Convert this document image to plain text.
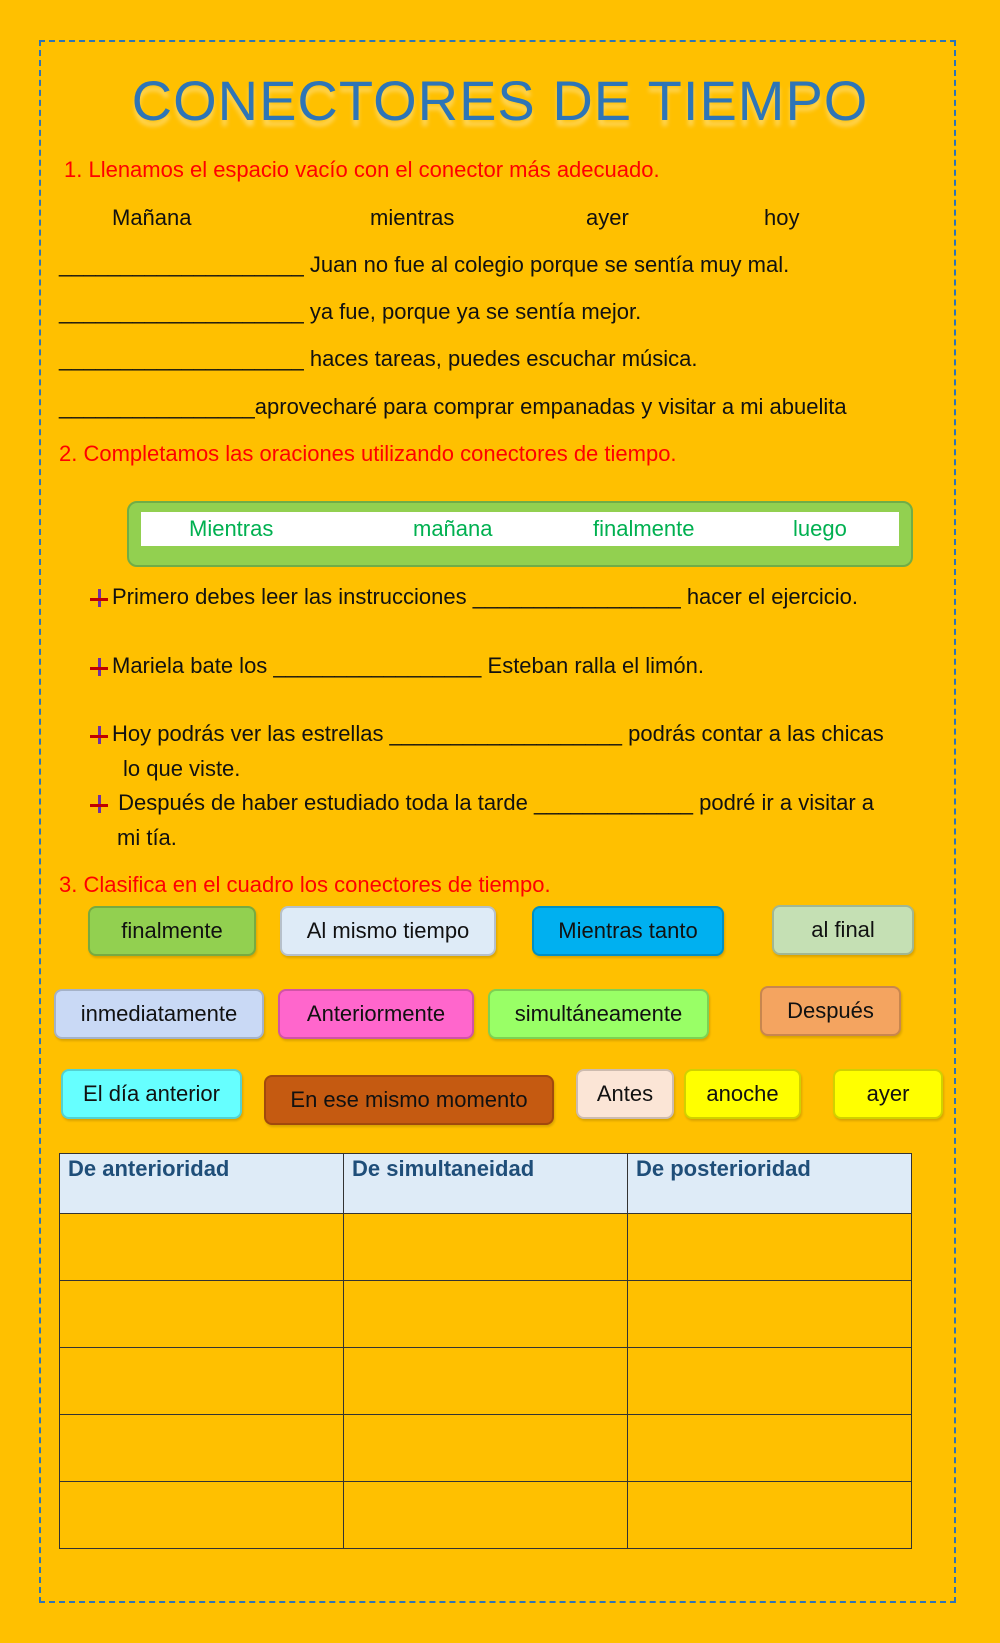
CONECTORES DE TIEMPO
1. Llenamos el espacio vacío con el conector más adecuado.
Mañana	mientras	ayer	hoy
____________________ Juan no fue al colegio porque se sentía muy mal.
____________________ ya fue, porque ya se sentía mejor.
____________________ haces tareas, puedes escuchar música.
________________aprovecharé para comprar empanadas y visitar a mi abuelita
2. Completamos las oraciones utilizando conectores de tiempo.
Mientras	mañana	finalmente	luego
Primero debes leer las instrucciones _________________ hacer el ejercicio.
Mariela bate los _________________ Esteban ralla el limón.
Hoy podrás ver las estrellas ___________________ podrás contar a las chicas
lo que viste.
Después de haber estudiado toda la tarde _____________ podré ir a visitar a
mi tía.
3. Clasifica en el cuadro los conectores de tiempo.
finalmente	Al mismo tiempo	Mientras tanto	al final
inmediatamente	Anteriormente	simultáneamente	Después
El día anterior	En ese mismo momento	Antes	anoche	ayer
De anterioridad	De simultaneidad	De posterioridad
